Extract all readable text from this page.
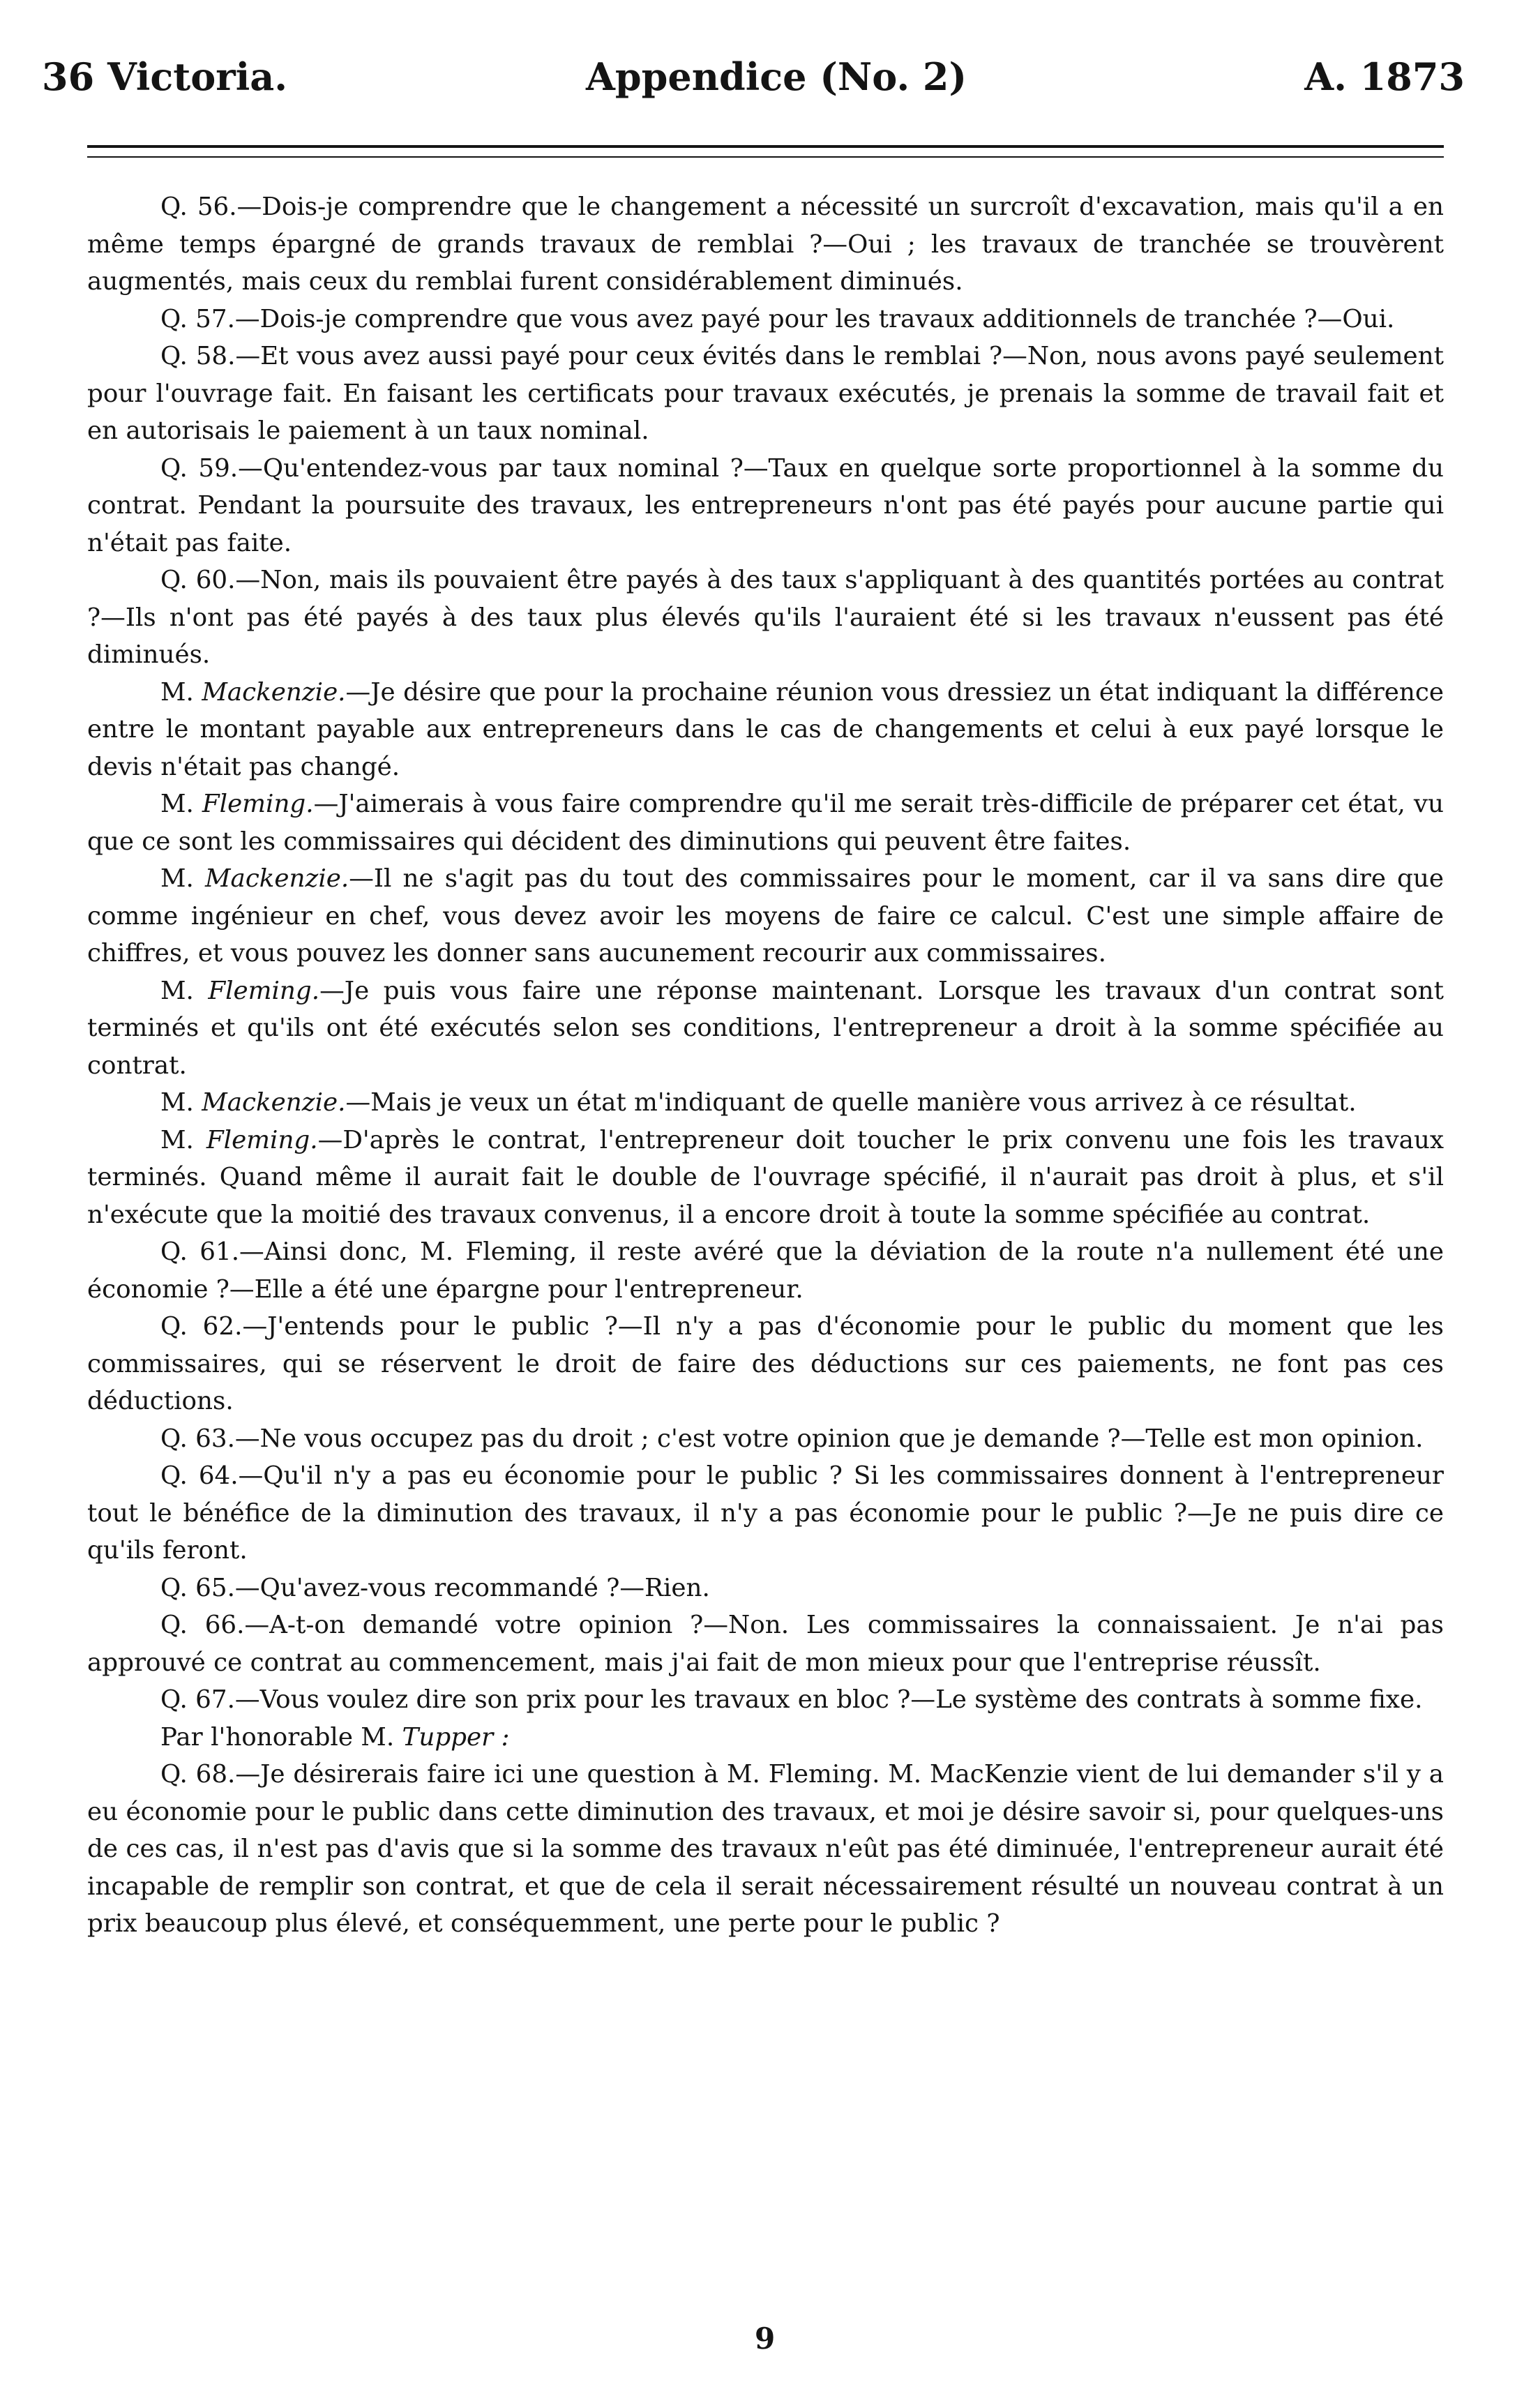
36 Victoria.	Appendice (No. 2)	A. 1873

Q. 56.—Dois-je comprendre que le changement a nécessité un surcroît d'excavation, mais qu'il a en même temps épargné de grands travaux de remblai ?—Oui ; les travaux de tranchée se trouvèrent augmentés, mais ceux du remblai furent considérablement diminués.

Q. 57.—Dois-je comprendre que vous avez payé pour les travaux additionnels de tranchée ?—Oui.

Q. 58.—Et vous avez aussi payé pour ceux évités dans le remblai ?—Non, nous avons payé seulement pour l'ouvrage fait. En faisant les certificats pour travaux exécutés, je prenais la somme de travail fait et en autorisais le paiement à un taux nominal.

Q. 59.—Qu'entendez-vous par taux nominal ?—Taux en quelque sorte proportionnel à la somme du contrat. Pendant la poursuite des travaux, les entrepreneurs n'ont pas été payés pour aucune partie qui n'était pas faite.

Q. 60.—Non, mais ils pouvaient être payés à des taux s'appliquant à des quantités portées au contrat ?—Ils n'ont pas été payés à des taux plus élevés qu'ils l'auraient été si les travaux n'eussent pas été diminués.

M. Mackenzie.—Je désire que pour la prochaine réunion vous dressiez un état indiquant la différence entre le montant payable aux entrepreneurs dans le cas de changements et celui à eux payé lorsque le devis n'était pas changé.

M. Fleming.—J'aimerais à vous faire comprendre qu'il me serait très-difficile de préparer cet état, vu que ce sont les commissaires qui décident des diminutions qui peuvent être faites.

M. Mackenzie.—Il ne s'agit pas du tout des commissaires pour le moment, car il va sans dire que comme ingénieur en chef, vous devez avoir les moyens de faire ce calcul. C'est une simple affaire de chiffres, et vous pouvez les donner sans aucunement recourir aux commissaires.

M. Fleming.—Je puis vous faire une réponse maintenant. Lorsque les travaux d'un contrat sont terminés et qu'ils ont été exécutés selon ses conditions, l'entrepreneur a droit à la somme spécifiée au contrat.

M. Mackenzie.—Mais je veux un état m'indiquant de quelle manière vous arrivez à ce résultat.

M. Fleming.—D'après le contrat, l'entrepreneur doit toucher le prix convenu une fois les travaux terminés. Quand même il aurait fait le double de l'ouvrage spécifié, il n'aurait pas droit à plus, et s'il n'exécute que la moitié des travaux convenus, il a encore droit à toute la somme spécifiée au contrat.

Q. 61.—Ainsi donc, M. Fleming, il reste avéré que la déviation de la route n'a nullement été une économie ?—Elle a été une épargne pour l'entrepreneur.

Q. 62.—J'entends pour le public ?—Il n'y a pas d'économie pour le public du moment que les commissaires, qui se réservent le droit de faire des déductions sur ces paiements, ne font pas ces déductions.

Q. 63.—Ne vous occupez pas du droit ; c'est votre opinion que je demande ?—Telle est mon opinion.

Q. 64.—Qu'il n'y a pas eu économie pour le public ? Si les commissaires donnent à l'entrepreneur tout le bénéfice de la diminution des travaux, il n'y a pas économie pour le public ?—Je ne puis dire ce qu'ils feront.

Q. 65.—Qu'avez-vous recommandé ?—Rien.

Q. 66.—A-t-on demandé votre opinion ?—Non. Les commissaires la connaissaient. Je n'ai pas approuvé ce contrat au commencement, mais j'ai fait de mon mieux pour que l'entreprise réussît.

Q. 67.—Vous voulez dire son prix pour les travaux en bloc ?—Le système des contrats à somme fixe.

Par l'honorable M. Tupper :

Q. 68.—Je désirerais faire ici une question à M. Fleming. M. MacKenzie vient de lui demander s'il y a eu économie pour le public dans cette diminution des travaux, et moi je désire savoir si, pour quelques-uns de ces cas, il n'est pas d'avis que si la somme des travaux n'eût pas été diminuée, l'entrepreneur aurait été incapable de remplir son contrat, et que de cela il serait nécessairement résulté un nouveau contrat à un prix beaucoup plus élevé, et conséquemment, une perte pour le public ?

9
